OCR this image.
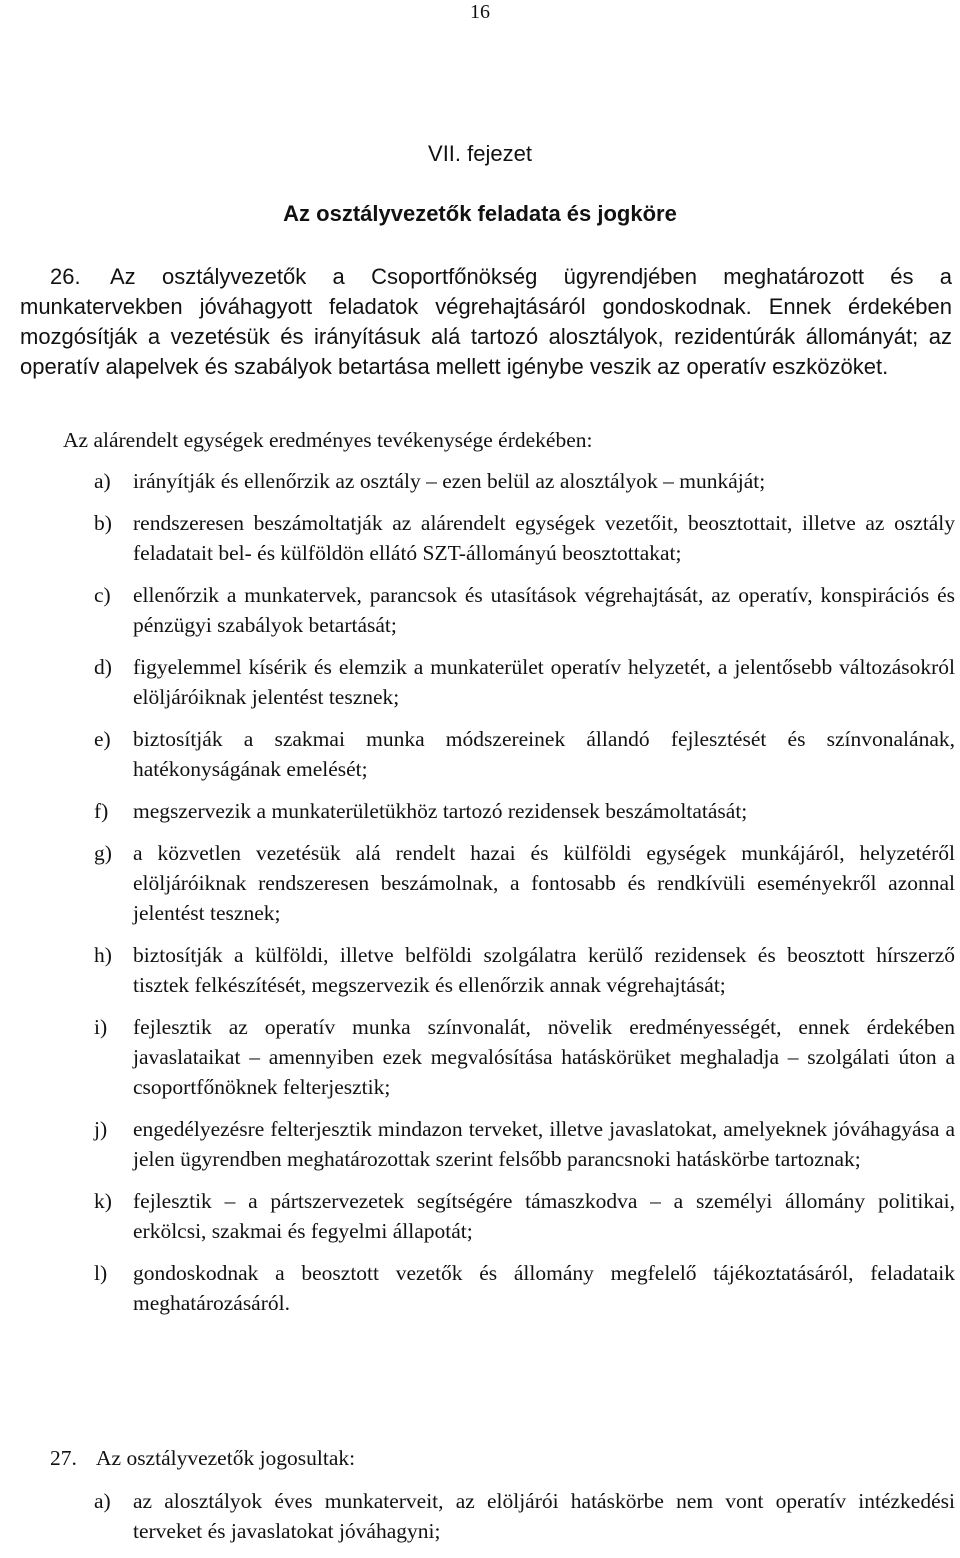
16
VII. fejezet
Az osztályvezetők feladata és jogköre
26. Az osztályvezetők a Csoportfőnökség ügyrendjében meghatározott és a munkatervekben jóváhagyott feladatok végrehajtásáról gondoskodnak. Ennek érdekében mozgósítják a vezetésük és irányításuk alá tartozó alosztályok, rezidentúrák állományát; az operatív alapelvek és szabályok betartása mellett igénybe veszik az operatív eszközöket.
Az alárendelt egységek eredményes tevékenysége érdekében:
a) irányítják és ellenőrzik az osztály – ezen belül az alosztályok – munkáját;
b) rendszeresen beszámoltatják az alárendelt egységek vezetőit, beosztottait, illetve az osztály feladatait bel- és külföldön ellátó SZT-állományú beosztottakat;
c) ellenőrzik a munkatervek, parancsok és utasítások végrehajtását, az operatív, konspirációs és pénzügyi szabályok betartását;
d) figyelemmel kísérik és elemzik a munkaterület operatív helyzetét, a jelentősebb változásokról elöljáróiknak jelentést tesznek;
e) biztosítják a szakmai munka módszereinek állandó fejlesztését és színvonalának, hatékonyságának emelését;
f) megszervezik a munkaterületükhöz tartozó rezidensek beszámoltatását;
g) a közvetlen vezetésük alá rendelt hazai és külföldi egységek munkájáról, helyzetéről elöljáróiknak rendszeresen beszámolnak, a fontosabb és rendkívüli eseményekről azonnal jelentést tesznek;
h) biztosítják a külföldi, illetve belföldi szolgálatra kerülő rezidensek és beosztott hírszerző tisztek felkészítését, megszervezik és ellenőrzik annak végrehajtását;
i) fejlesztik az operatív munka színvonalát, növelik eredményességét, ennek érdekében javaslataikat – amennyiben ezek megvalósítása hatáskörüket meghaladja – szolgálati úton a csoportfőnöknek felterjesztik;
j) engedélyezésre felterjesztik mindazon terveket, illetve javaslatokat, amelyeknek jóváhagyása a jelen ügyrendben meghatározottak szerint felsőbb parancsnoki hatáskörbe tartoznak;
k) fejlesztik – a pártszervezetek segítségére támaszkodva – a személyi állomány politikai, erkölcsi, szakmai és fegyelmi állapotát;
l) gondoskodnak a beosztott vezetők és állomány megfelelő tájékoztatásáról, feladataik meghatározásáról.
27. Az osztályvezetők jogosultak:
a) az alosztályok éves munkaterveit, az elöljárói hatáskörbe nem vont operatív intézkedési terveket és javaslatokat jóváhagyni;
